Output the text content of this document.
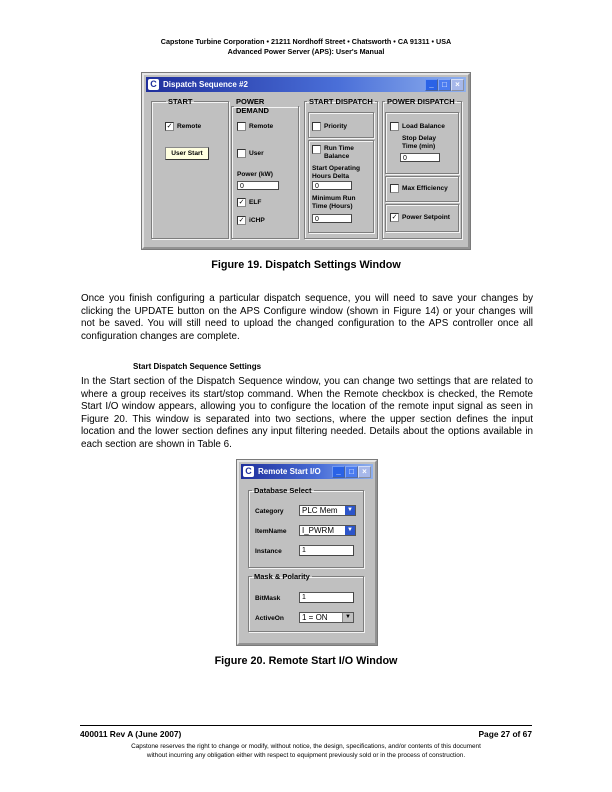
Capstone Turbine Corporation • 21211 Nordhoff Street • Chatsworth • CA 91311 • USA
Advanced Power Server (APS): User's Manual
C Dispatch Sequence #2	_	□	×
START
✓ Remote
User Start
POWER DEMAND
Remote
User
Power (kW)
0
✓ ELF
✓ iCHP
START DISPATCH
Priority
Run Time Balance
Start Operating Hours Delta
0
Minimum Run Time (Hours)
0
POWER DISPATCH
Load Balance
Stop Delay Time (min)
0
Max Efficiency
✓ Power Setpoint
Figure 19. Dispatch Settings Window
Once you finish configuring a particular dispatch sequence, you will need to save your changes by clicking the UPDATE button on the APS Configure window (shown in Figure 14) or your changes will not be saved. You will still need to upload the changed configuration to the APS controller once all configuration changes are complete.
Start Dispatch Sequence Settings
In the Start section of the Dispatch Sequence window, you can change two settings that are related to where a group receives its start/stop command. When the Remote checkbox is checked, the Remote Start I/O window appears, allowing you to configure the location of the remote input signal as seen in Figure 20. This window is separated into two sections, where the upper section defines the input location and the lower section defines any input filtering needed. Details about the options available in each section are shown in Table 6.
C Remote Start I/O	_	□	×
Database Select
Category	PLC Mem	▼
ItemName	I_PWRM	▼
Instance	1
Mask & Polarity
BitMask	1
ActiveOn	1 = ON	▼
Figure 20. Remote Start I/O Window
400011 Rev A (June 2007)	Page 27 of 67
Capstone reserves the right to change or modify, without notice, the design, specifications, and/or contents of this document
without incurring any obligation either with respect to equipment previously sold or in the process of construction.
